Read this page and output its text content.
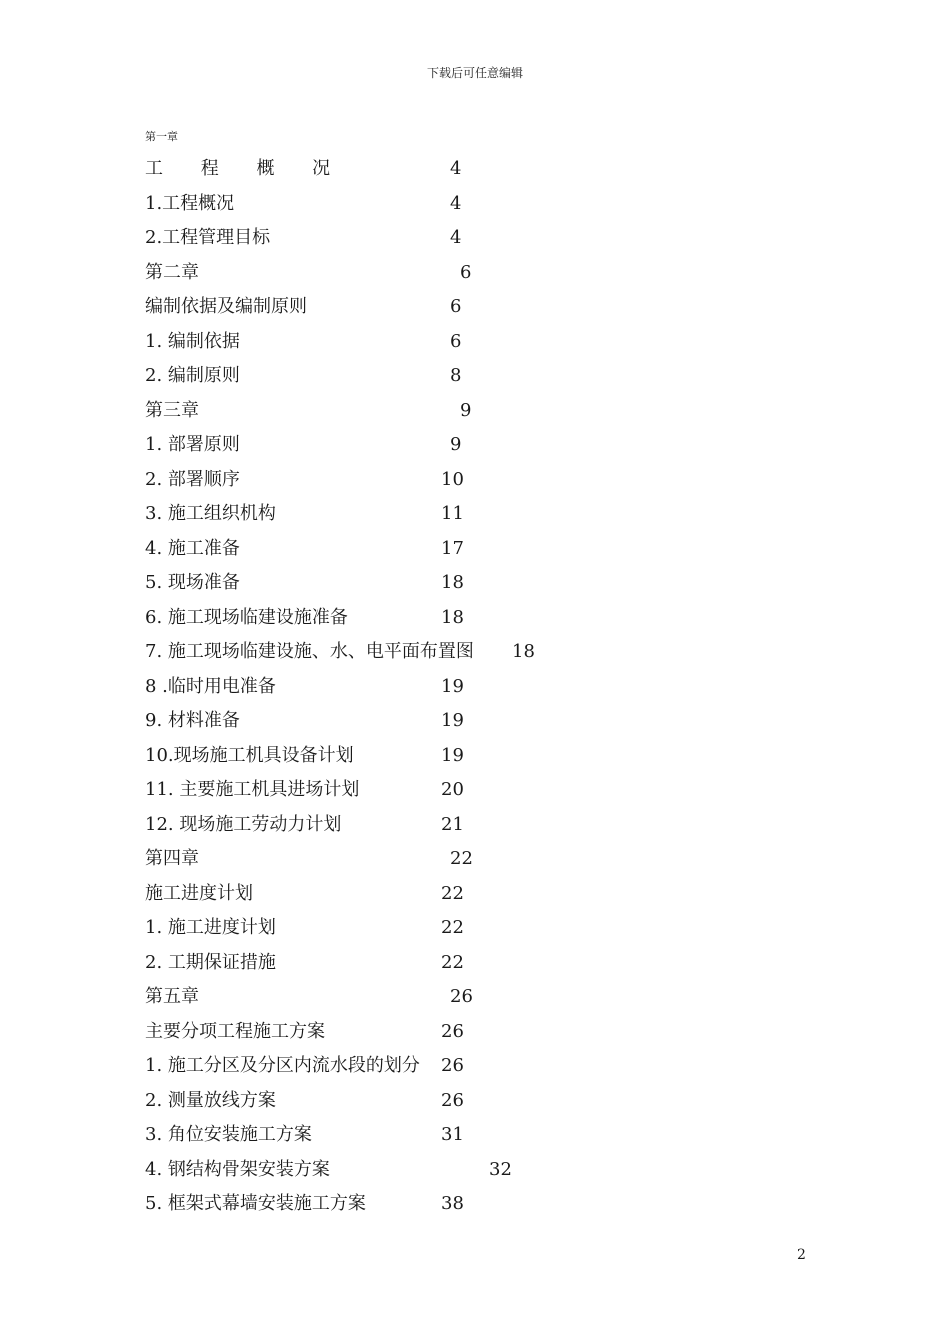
下载后可任意编辑
第一章
工 程 概 况	4
1.工程概况	4
2.工程管理目标	4
第二章	6
编制依据及编制原则	6
1. 编制依据	6
2. 编制原则	8
第三章	9
1. 部署原则	9
2. 部署顺序	10
3. 施工组织机构	11
4. 施工准备	17
5. 现场准备	18
6. 施工现场临建设施准备	18
7. 施工现场临建设施、水、电平面布置图 18
8 .临时用电准备	19
9. 材料准备	19
10.现场施工机具设备计划	19
11. 主要施工机具进场计划	20
12. 现场施工劳动力计划	21
第四章	22
施工进度计划	22
1. 施工进度计划	22
2. 工期保证措施	22
第五章	26
主要分项工程施工方案	26
1. 施工分区及分区内流水段的划分 26
2. 测量放线方案	26
3. 角位安装施工方案	31
4. 钢结构骨架安装方案	32
5. 框架式幕墙安装施工方案	38
2
